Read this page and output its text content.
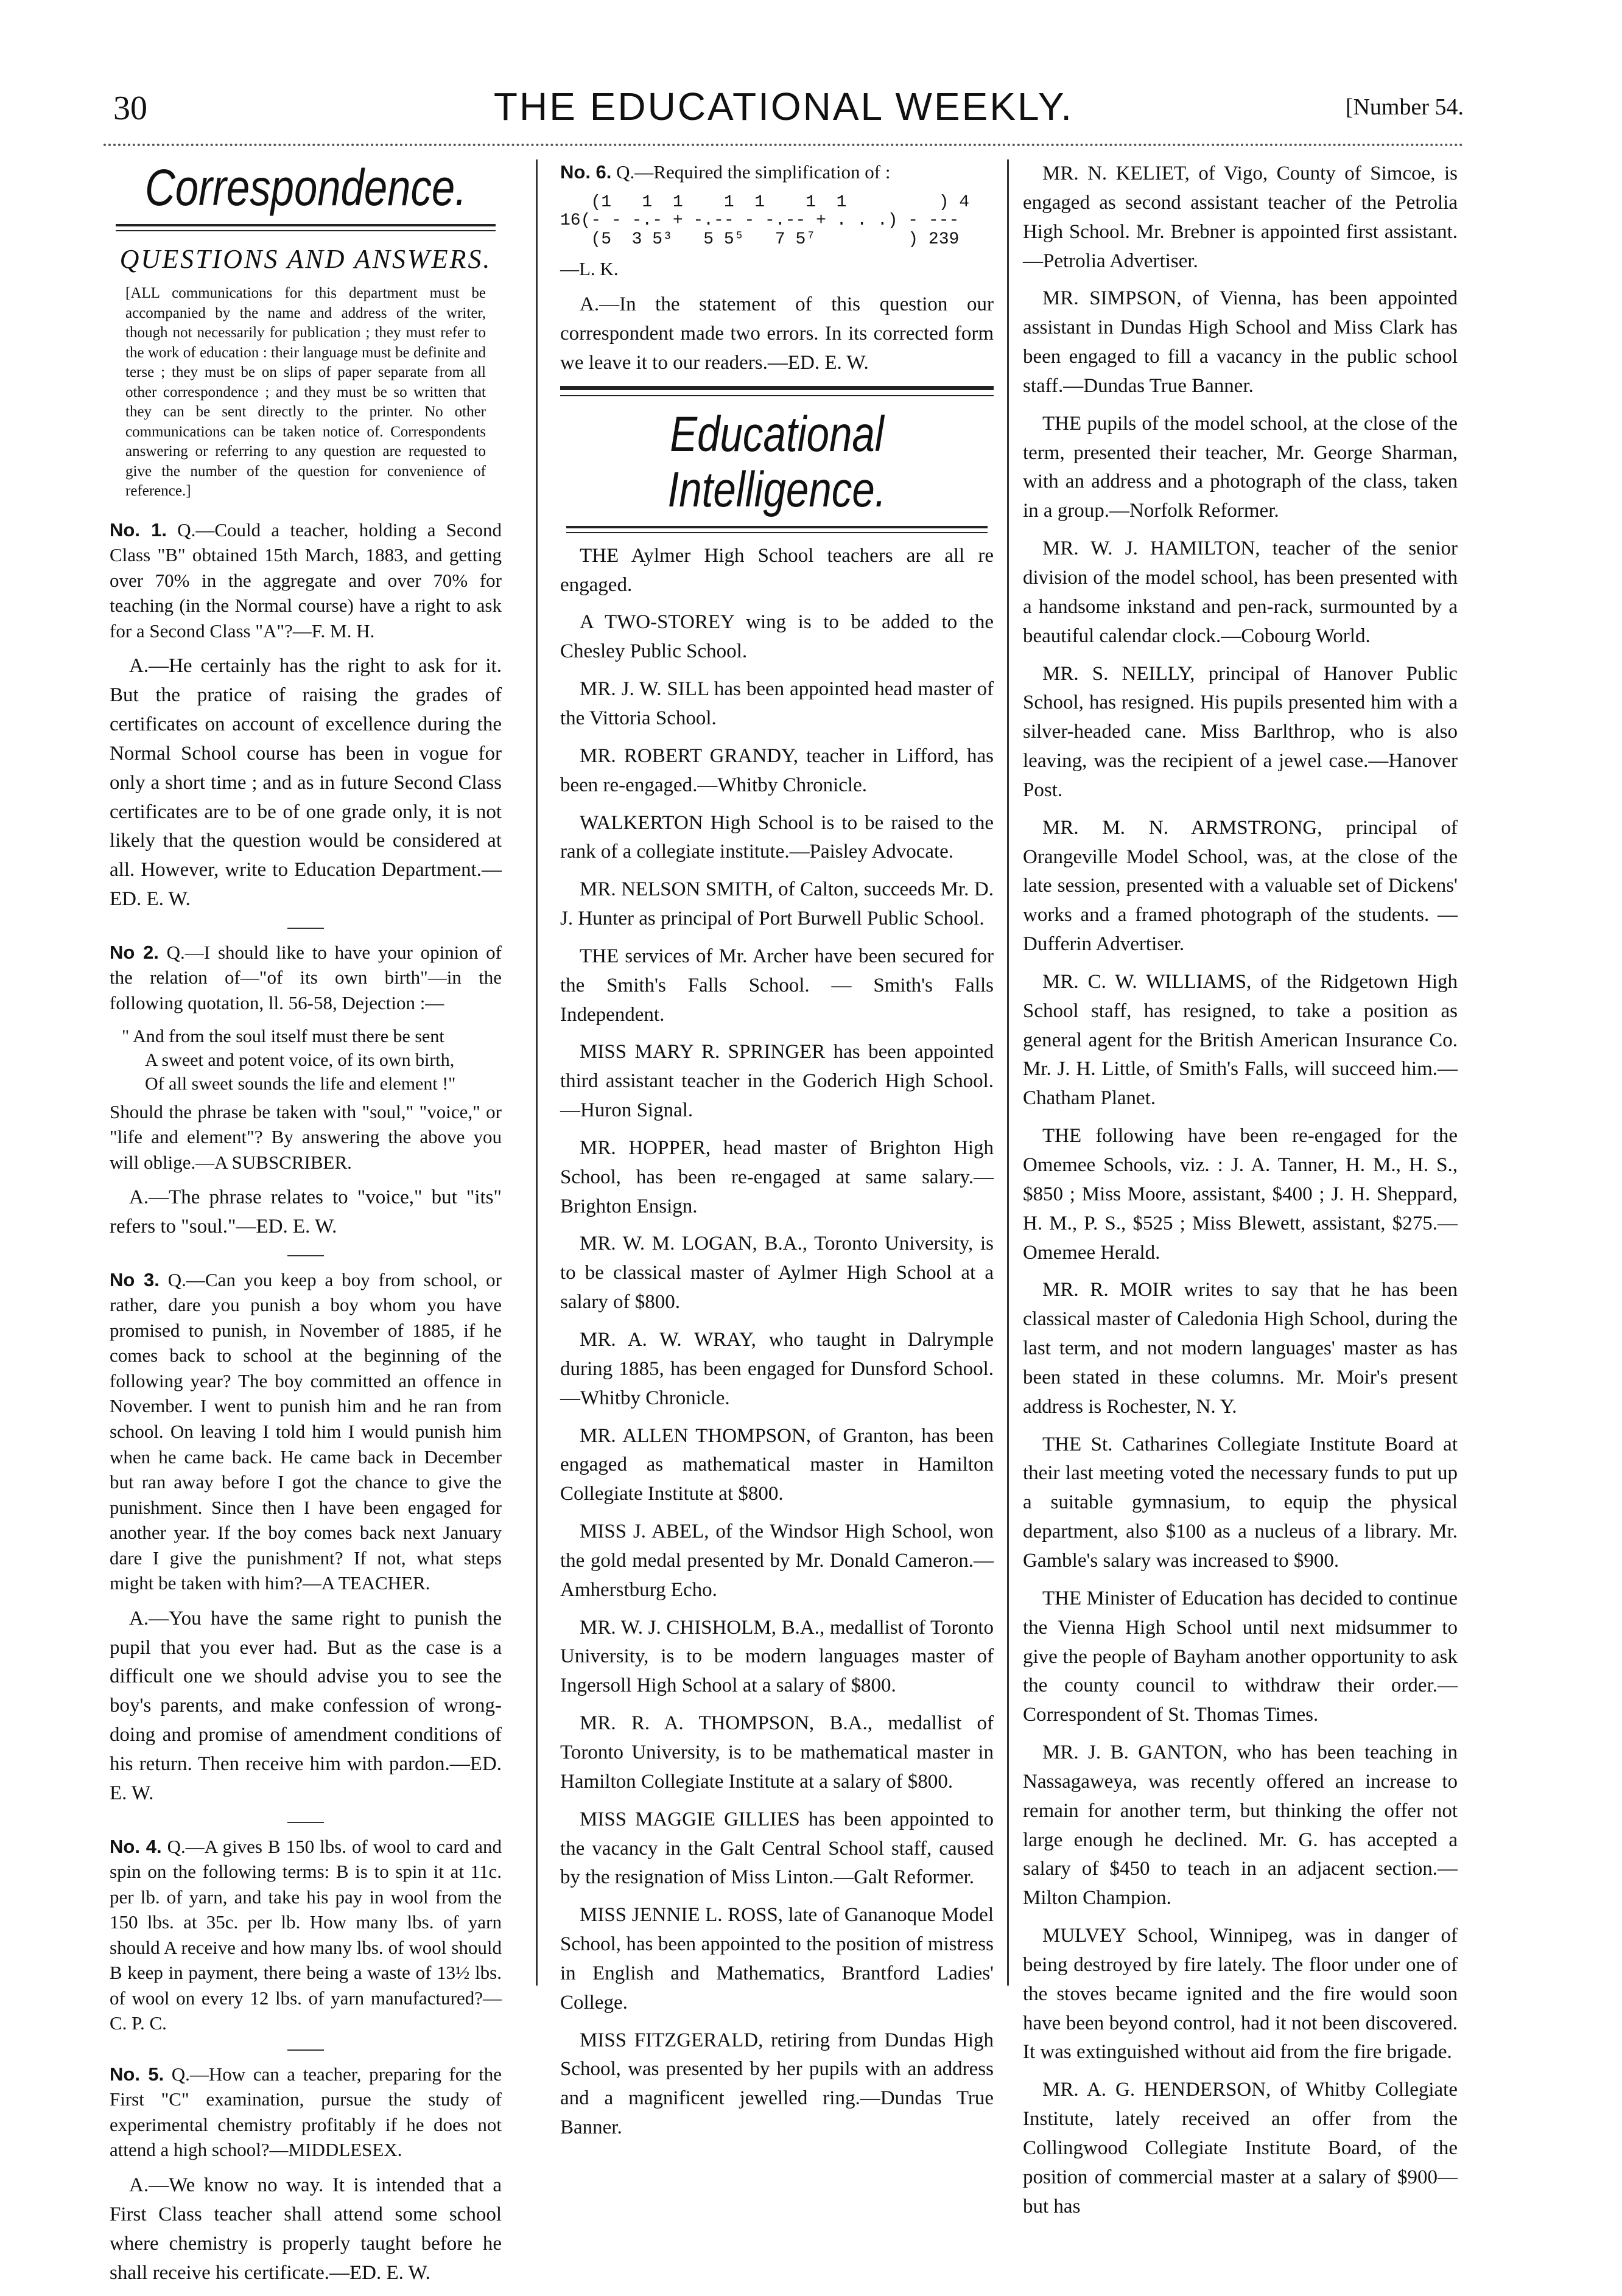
30	THE EDUCATIONAL WEEKLY.	[Number 54.
Correspondence.
QUESTIONS AND ANSWERS.
[ALL communications for this department must be accompanied by the name and address of the writer, though not necessarily for publication ; they must refer to the work of education : their language must be definite and terse ; they must be on slips of paper separate from all other correspondence ; and they must be so written that they can be sent directly to the printer. No other communications can be taken notice of. Correspondents answering or referring to any question are requested to give the number of the question for convenience of reference.]

No. 1. Q.—Could a teacher, holding a Second Class "B" obtained 15th March, 1883, and getting over 70% in the aggregate and over 70% for teaching (in the Normal course) have a right to ask for a Second Class "A"?—F. M. H.

A.—He certainly has the right to ask for it. But the pratice of raising the grades of certificates on account of excellence during the Normal School course has been in vogue for only a short time ; and as in future Second Class certificates are to be of one grade only, it is not likely that the question would be considered at all. However, write to Education Department.—ED. E. W.

No 2. Q.—I should like to have your opinion of the relation of—"of its own birth"—in the following quotation, ll. 56-58, Dejection :—

" And from the soul itself must there be sent
A sweet and potent voice, of its own birth,
Of all sweet sounds the life and element !"

Should the phrase be taken with "soul," "voice," or "life and element"? By answering the above you will oblige.—A SUBSCRIBER.

A.—The phrase relates to "voice," but "its" refers to "soul."—ED. E. W.

No 3. Q.—Can you keep a boy from school, or rather, dare you punish a boy whom you have promised to punish, in November of 1885, if he comes back to school at the beginning of the following year? The boy committed an offence in November. I went to punish him and he ran from school. On leaving I told him I would punish him when he came back. He came back in December but ran away before I got the chance to give the punishment. Since then I have been engaged for another year. If the boy comes back next January dare I give the punishment? If not, what steps might be taken with him?—A TEACHER.

A.—You have the same right to punish the pupil that you ever had. But as the case is a difficult one we should advise you to see the boy's parents, and make confession of wrong-doing and promise of amendment conditions of his return. Then receive him with pardon.—ED. E. W.

No. 4. Q.—A gives B 150 lbs. of wool to card and spin on the following terms: B is to spin it at 11c. per lb. of yarn, and take his pay in wool from the 150 lbs. at 35c. per lb. How many lbs. of yarn should A receive and how many lbs. of wool should B keep in payment, there being a waste of 13½ lbs. of wool on every 12 lbs. of yarn manufactured?—C. P. C.

No. 5. Q.—How can a teacher, preparing for the First "C" examination, pursue the study of experimental chemistry profitably if he does not attend a high school?—MIDDLESEX.

A.—We know no way. It is intended that a First Class teacher shall attend some school where chemistry is properly taught before he shall receive his certificate.—ED. E. W.

No. 6. Q.—Required the simplification of :

(1   1  1    1  1    1  1         ) 4
16(- - -.- + -.-- - -.-- + . . .) - ---
(5  3 5³   5 5⁵   7 5⁷         ) 239
—L. K.

A.—In the statement of this question our correspondent made two errors. In its corrected form we leave it to our readers.—ED. E. W.

Educational Intelligence.

THE Aylmer High School teachers are all re engaged.

A TWO-STOREY wing is to be added to the Chesley Public School.

MR. J. W. SILL has been appointed head master of the Vittoria School.

MR. ROBERT GRANDY, teacher in Lifford, has been re-engaged.—Whitby Chronicle.

WALKERTON High School is to be raised to the rank of a collegiate institute.—Paisley Advocate.

MR. NELSON SMITH, of Calton, succeeds Mr. D. J. Hunter as principal of Port Burwell Public School.

THE services of Mr. Archer have been secured for the Smith's Falls School. — Smith's Falls Independent.

MISS MARY R. SPRINGER has been appointed third assistant teacher in the Goderich High School. —Huron Signal.

MR. HOPPER, head master of Brighton High School, has been re-engaged at same salary.—Brighton Ensign.

MR. W. M. LOGAN, B.A., Toronto University, is to be classical master of Aylmer High School at a salary of $800.

MR. A. W. WRAY, who taught in Dalrymple during 1885, has been engaged for Dunsford School. —Whitby Chronicle.

MR. ALLEN THOMPSON, of Granton, has been engaged as mathematical master in Hamilton Collegiate Institute at $800.

MISS J. ABEL, of the Windsor High School, won the gold medal presented by Mr. Donald Cameron.—Amherstburg Echo.

MR. W. J. CHISHOLM, B.A., medallist of Toronto University, is to be modern languages master of Ingersoll High School at a salary of $800.

MR. R. A. THOMPSON, B.A., medallist of Toronto University, is to be mathematical master in Hamilton Collegiate Institute at a salary of $800.

MISS MAGGIE GILLIES has been appointed to the vacancy in the Galt Central School staff, caused by the resignation of Miss Linton.—Galt Reformer.

MISS JENNIE L. ROSS, late of Gananoque Model School, has been appointed to the position of mistress in English and Mathematics, Brantford Ladies' College.

MISS FITZGERALD, retiring from Dundas High School, was presented by her pupils with an address and a magnificent jewelled ring.—Dundas True Banner.

MR. N. KELIET, of Vigo, County of Simcoe, is engaged as second assistant teacher of the Petrolia High School. Mr. Brebner is appointed first assistant.—Petrolia Advertiser.

MR. SIMPSON, of Vienna, has been appointed assistant in Dundas High School and Miss Clark has been engaged to fill a vacancy in the public school staff.—Dundas True Banner.

THE pupils of the model school, at the close of the term, presented their teacher, Mr. George Sharman, with an address and a photograph of the class, taken in a group.—Norfolk Reformer.

MR. W. J. HAMILTON, teacher of the senior division of the model school, has been presented with a handsome inkstand and pen-rack, surmounted by a beautiful calendar clock.—Cobourg World.

MR. S. NEILLY, principal of Hanover Public School, has resigned. His pupils presented him with a silver-headed cane. Miss Barlthrop, who is also leaving, was the recipient of a jewel case.—Hanover Post.

MR. M. N. ARMSTRONG, principal of Orangeville Model School, was, at the close of the late session, presented with a valuable set of Dickens' works and a framed photograph of the students. —Dufferin Advertiser.

MR. C. W. WILLIAMS, of the Ridgetown High School staff, has resigned, to take a position as general agent for the British American Insurance Co. Mr. J. H. Little, of Smith's Falls, will succeed him.—Chatham Planet.

THE following have been re-engaged for the Omemee Schools, viz. : J. A. Tanner, H. M., H. S., $850 ; Miss Moore, assistant, $400 ; J. H. Sheppard, H. M., P. S., $525 ; Miss Blewett, assistant, $275.—Omemee Herald.

MR. R. MOIR writes to say that he has been classical master of Caledonia High School, during the last term, and not modern languages' master as has been stated in these columns. Mr. Moir's present address is Rochester, N. Y.

THE St. Catharines Collegiate Institute Board at their last meeting voted the necessary funds to put up a suitable gymnasium, to equip the physical department, also $100 as a nucleus of a library. Mr. Gamble's salary was increased to $900.

THE Minister of Education has decided to continue the Vienna High School until next midsummer to give the people of Bayham another opportunity to ask the county council to withdraw their order.—Correspondent of St. Thomas Times.

MR. J. B. GANTON, who has been teaching in Nassagaweya, was recently offered an increase to remain for another term, but thinking the offer not large enough he declined. Mr. G. has accepted a salary of $450 to teach in an adjacent section.— Milton Champion.

MULVEY School, Winnipeg, was in danger of being destroyed by fire lately. The floor under one of the stoves became ignited and the fire would soon have been beyond control, had it not been discovered. It was extinguished without aid from the fire brigade.

MR. A. G. HENDERSON, of Whitby Collegiate Institute, lately received an offer from the Collingwood Collegiate Institute Board, of the position of commercial master at a salary of $900—but has
